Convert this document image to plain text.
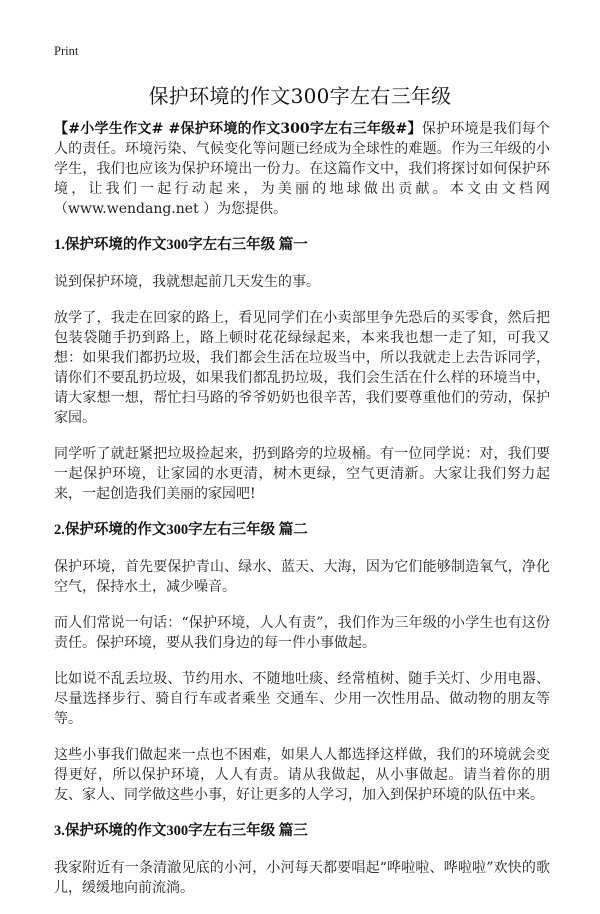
Print
保护环境的作文300字左右三年级

【#小学生作文# #保护环境的作文300字左右三年级#】保护环境是我们每个人的责任。环境污染、气候变化等问题已经成为全球性的难题。作为三年级的小学生，我们也应该为保护环境出一份力。在这篇作文中，我们将探讨如何保护环境，让我们一起行动起来，为美丽的地球做出贡献。本文由文档网（www.wendang.net ）为您提供。

1.保护环境的作文300字左右三年级 篇一

说到保护环境，我就想起前几天发生的事。

放学了，我走在回家的路上，看见同学们在小卖部里争先恐后的买零食，然后把包装袋随手扔到路上，路上顿时花花绿绿起来，本来我也想一走了知，可我又想：如果我们都扔垃圾，我们都会生活在垃圾当中，所以我就走上去告诉同学，请你们不要乱扔垃圾，如果我们都乱扔垃圾，我们会生活在什么样的环境当中，请大家想一想，帮忙扫马路的爷爷奶奶也很辛苦，我们要尊重他们的劳动，保护家园。

同学听了就赶紧把垃圾捡起来，扔到路旁的垃圾桶。有一位同学说：对，我们要一起保护环境，让家园的水更清，树木更绿，空气更清新。大家让我们努力起来，一起创造我们美丽的家园吧!

2.保护环境的作文300字左右三年级 篇二

保护环境，首先要保护青山、绿水、蓝天、大海，因为它们能够制造氧气，净化空气，保持水土，减少噪音。

而人们常说一句话：“保护环境，人人有责”，我们作为三年级的小学生也有这份责任。保护环境，要从我们身边的每一件小事做起。

比如说不乱丢垃圾、节约用水、不随地吐痰、经常植树、随手关灯、少用电器、尽量选择步行、骑自行车或者乘坐 交通车、少用一次性用品、做动物的朋友等等。

这些小事我们做起来一点也不困难，如果人人都选择这样做，我们的环境就会变得更好，所以保护环境，人人有责。请从我做起，从小事做起。请当着你的朋友、家人、同学做这些小事，好让更多的人学习，加入到保护环境的队伍中来。

3.保护环境的作文300字左右三年级 篇三

我家附近有一条清澈见底的小河，小河每天都要唱起“哗啦啦、哗啦啦”欢快的歌儿，缓缓地向前流淌。
